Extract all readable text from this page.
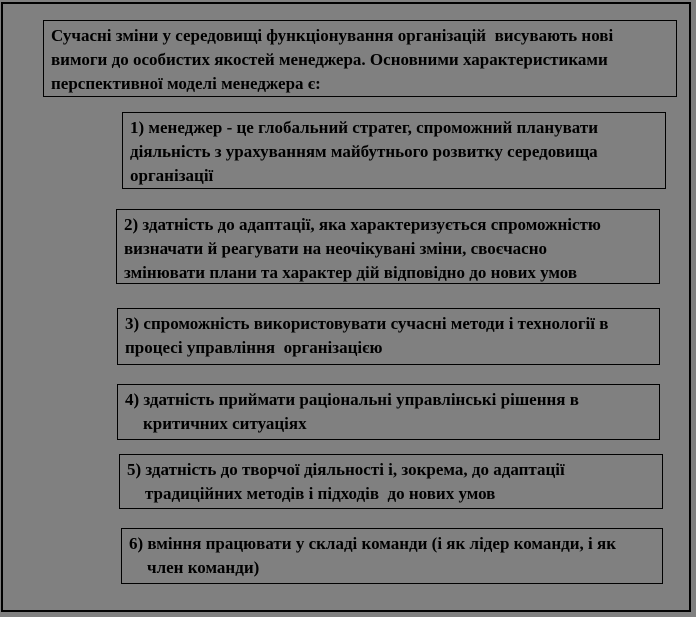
Сучасні зміни у середовищі функціонування організацій  висувають нові
вимоги до особистих якостей менеджера. Основними характеристиками
перспективної моделі менеджера є:
1) менеджер - це глобальний стратег, спроможний планувати
діяльність з урахуванням майбутнього розвитку середовища
організації
2) здатність до адаптації, яка характеризується спроможністю
визначати й реагувати на неочікувані зміни, своєчасно
змінювати плани та характер дій відповідно до нових умов
3) спроможність використовувати сучасні методи і технології в
процесі управління  організацією
4) здатність приймати раціональні управлінські рішення в
критичних ситуаціях
5) здатність до творчої діяльності і, зокрема, до адаптації
традиційних методів і підходів  до нових умов
6) вміння працювати у складі команди (і як лідер команди, і як
член команди)
